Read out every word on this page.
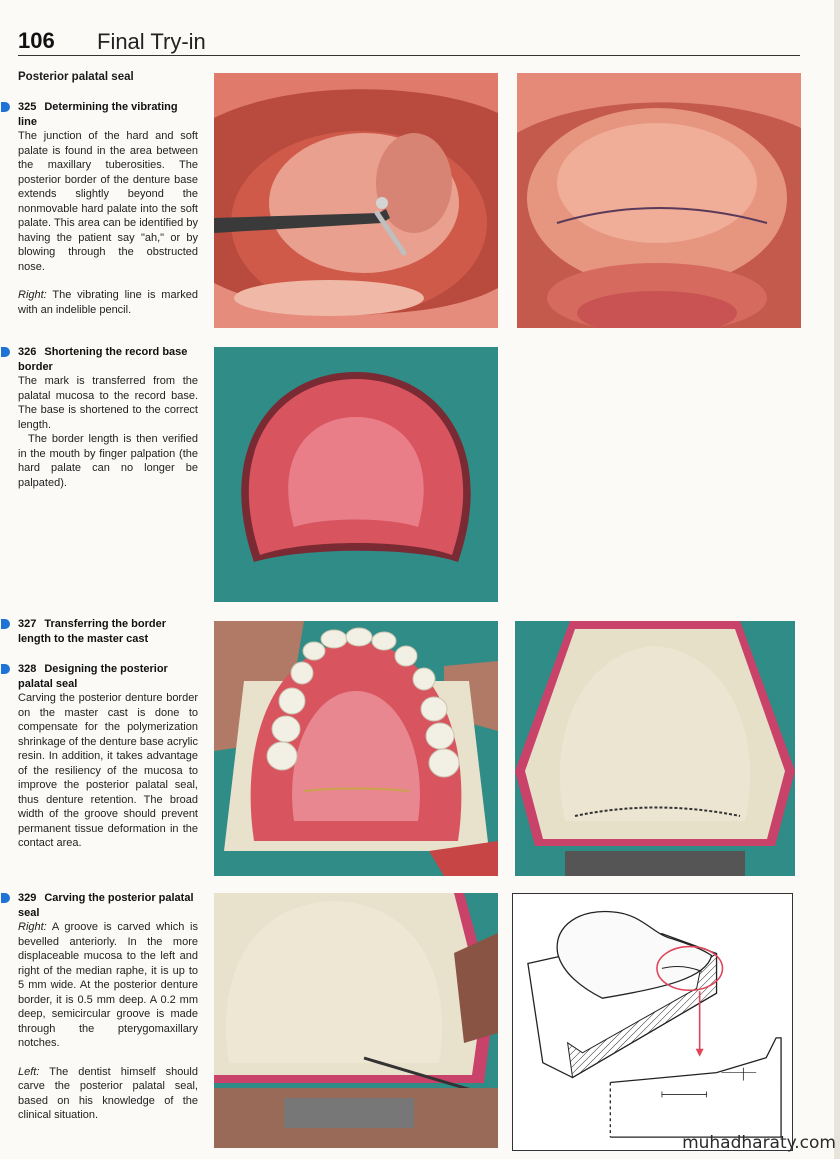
106 Final Try-in
Posterior palatal seal
325 Determining the vibrating line

The junction of the hard and soft palate is found in the area between the maxillary tuberosities. The posterior border of the denture base extends slightly beyond the nonmovable hard palate into the soft palate. This area can be identified by having the patient say "ah," or by blowing through the obstructed nose.

Right: The vibrating line is marked with an indelible pencil.

326 Shortening the record base border

The mark is transferred from the palatal mucosa to the record base. The base is shortened to the correct length.

The border length is then verified in the mouth by finger palpation (the hard palate can no longer be palpated).

327 Transferring the border length to the master cast
328 Designing the posterior palatal seal

Carving the posterior denture border on the master cast is done to compensate for the polymerization shrinkage of the denture base acrylic resin. In addition, it takes advantage of the resiliency of the mucosa to improve the posterior palatal seal, thus denture retention. The broad width of the groove should prevent permanent tissue deformation in the contact area.

329 Carving the posterior palatal seal

Right: A groove is carved which is bevelled anteriorly. In the more displaceable mucosa to the left and right of the median raphe, it is up to 5 mm wide. At the posterior denture border, it is 0.5 mm deep. A 0.2 mm deep, semicircular groove is made through the pterygomaxillary notches.

Left: The dentist himself should carve the posterior palatal seal, based on his knowledge of the clinical situation.

muhadharaty.com
